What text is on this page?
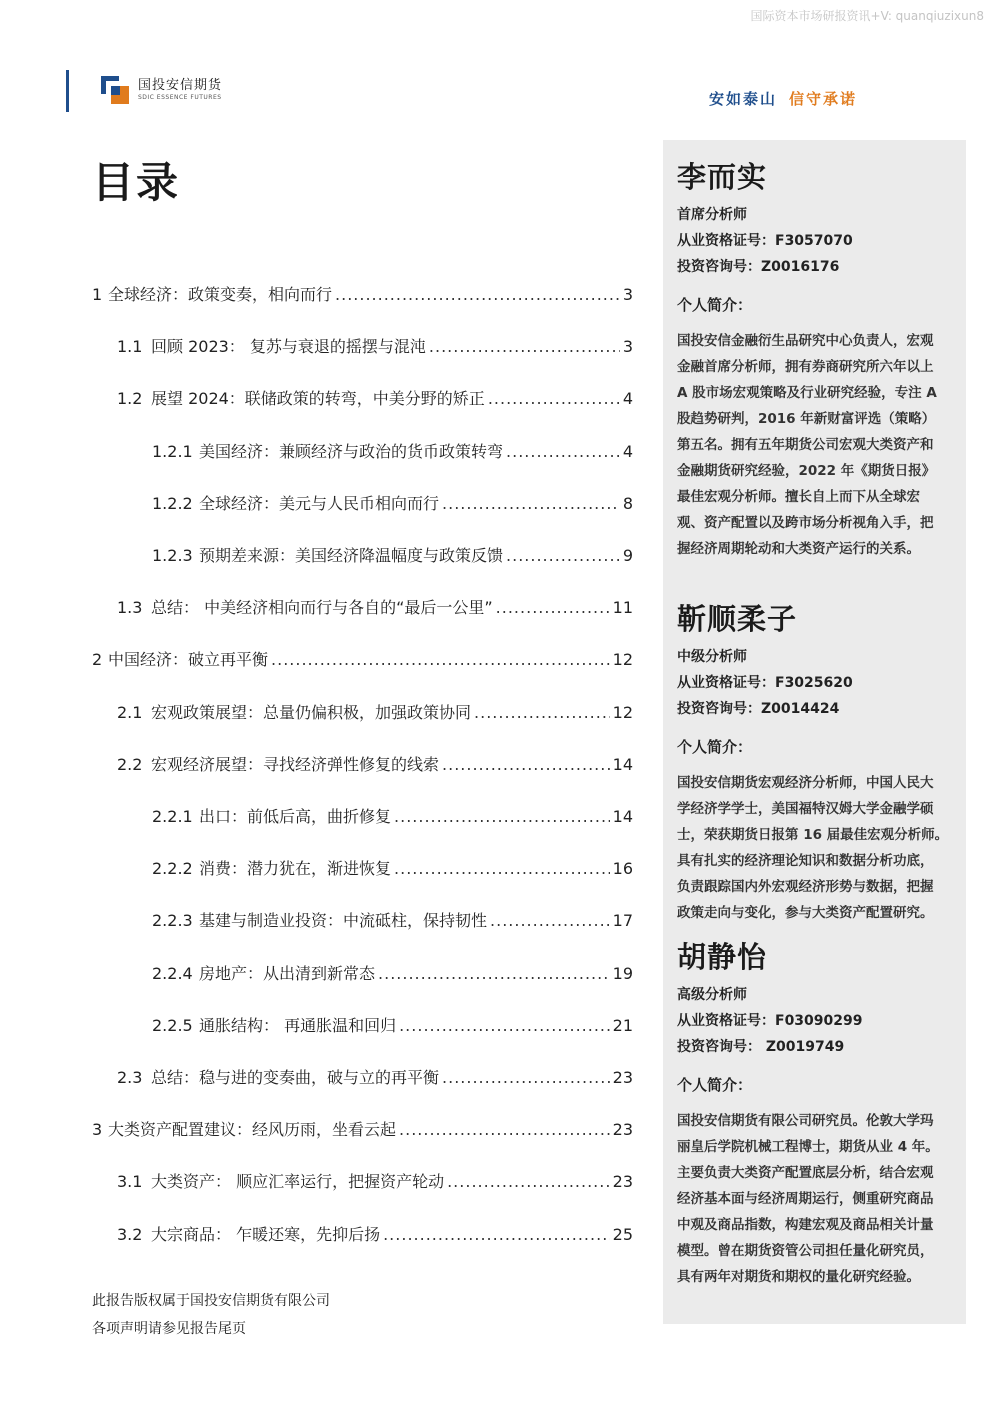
国际资本市场研报资讯+V: quanqiuzixun8
国投安信期货
SDIC ESSENCE FUTURES	安如泰山 信守承诺
目录
1 全球经济：政策变奏，相向而行 .....	3
1.1 回顾 2023： 复苏与衰退的摇摆与混沌 .....	3
1.2 展望 2024：联储政策的转弯，中美分野的矫正 .....	4
1.2.1 美国经济：兼顾经济与政治的货币政策转弯 .....	4
1.2.2 全球经济：美元与人民币相向而行 .....	8
1.2.3 预期差来源：美国经济降温幅度与政策反馈 .....	9
1.3 总结： 中美经济相向而行与各自的“最后一公里” .....	11
2 中国经济：破立再平衡 .....	12
2.1 宏观政策展望：总量仍偏积极，加强政策协同 .....	12
2.2 宏观经济展望：寻找经济弹性修复的线索 .....	14
2.2.1 出口：前低后高，曲折修复 .....	14
2.2.2 消费：潜力犹在，渐进恢复 .....	16
2.2.3 基建与制造业投资：中流砥柱，保持韧性 .....	17
2.2.4 房地产：从出清到新常态 .....	19
2.2.5 通胀结构： 再通胀温和回归 .....	21
2.3 总结：稳与进的变奏曲，破与立的再平衡 .....	23
3 大类资产配置建议：经风历雨，坐看云起 .....	23
3.1 大类资产： 顺应汇率运行，把握资产轮动 .....	23
3.2 大宗商品： 乍暖还寒，先抑后扬 .....	25
李而实
首席分析师
从业资格证号：F3057070
投资咨询号：Z0016176
个人简介：
国投安信金融衍生品研究中心负责人，宏观
金融首席分析师，拥有券商研究所六年以上
A 股市场宏观策略及行业研究经验，专注 A
股趋势研判，2016 年新财富评选（策略）
第五名。拥有五年期货公司宏观大类资产和
金融期货研究经验，2022 年《期货日报》
最佳宏观分析师。擅长自上而下从全球宏
观、资产配置以及跨市场分析视角入手，把
握经济周期轮动和大类资产运行的关系。
靳顺柔子
中级分析师
从业资格证号：F3025620
投资咨询号：Z0014424
个人简介：
国投安信期货宏观经济分析师，中国人民大
学经济学学士，美国福特汉姆大学金融学硕
士，荣获期货日报第 16 届最佳宏观分析师。
具有扎实的经济理论知识和数据分析功底，
负责跟踪国内外宏观经济形势与数据，把握
政策走向与变化，参与大类资产配置研究。
胡静怡
高级分析师
从业资格证号：F03090299
投资咨询号： Z0019749
个人简介：
国投安信期货有限公司研究员。伦敦大学玛
丽皇后学院机械工程博士，期货从业 4 年。
主要负责大类资产配置底层分析，结合宏观
经济基本面与经济周期运行，侧重研究商品
中观及商品指数，构建宏观及商品相关计量
模型。曾在期货资管公司担任量化研究员，
具有两年对期货和期权的量化研究经验。
此报告版权属于国投安信期货有限公司
各项声明请参见报告尾页
